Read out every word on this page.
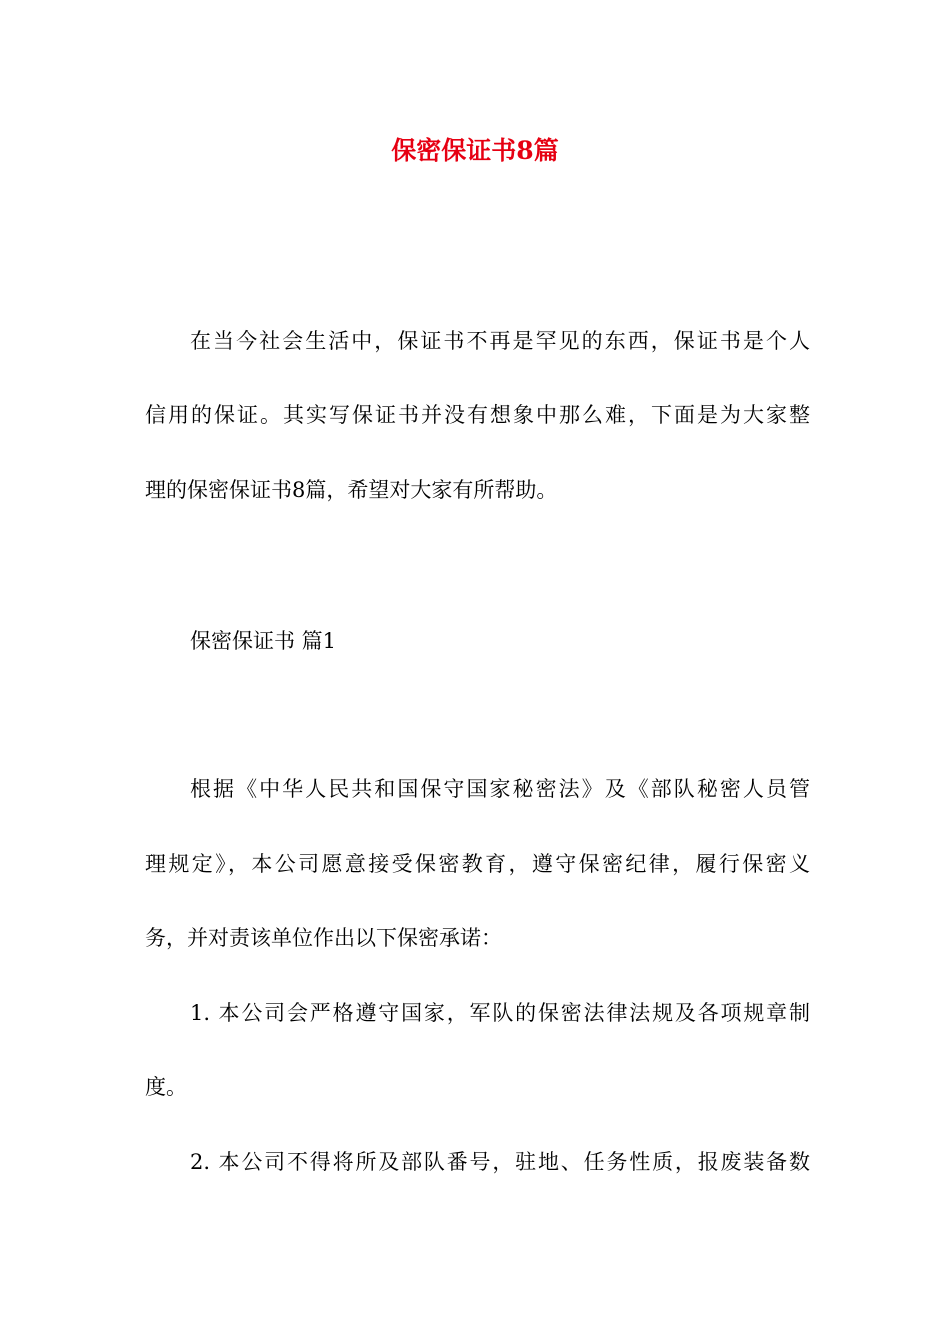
保密保证书8篇

在当今社会生活中，保证书不再是罕见的东西，保证书是个人

信用的保证。其实写保证书并没有想象中那么难，下面是为大家整

理的保密保证书8篇，希望对大家有所帮助。

保密保证书 篇1

根据《中华人民共和国保守国家秘密法》及《部队秘密人员管

理规定》，本公司愿意接受保密教育，遵守保密纪律，履行保密义

务，并对责该单位作出以下保密承诺：

1. 本公司会严格遵守国家，军队的保密法律法规及各项规章制

度。

2. 本公司不得将所及部队番号，驻地、任务性质，报废装备数
